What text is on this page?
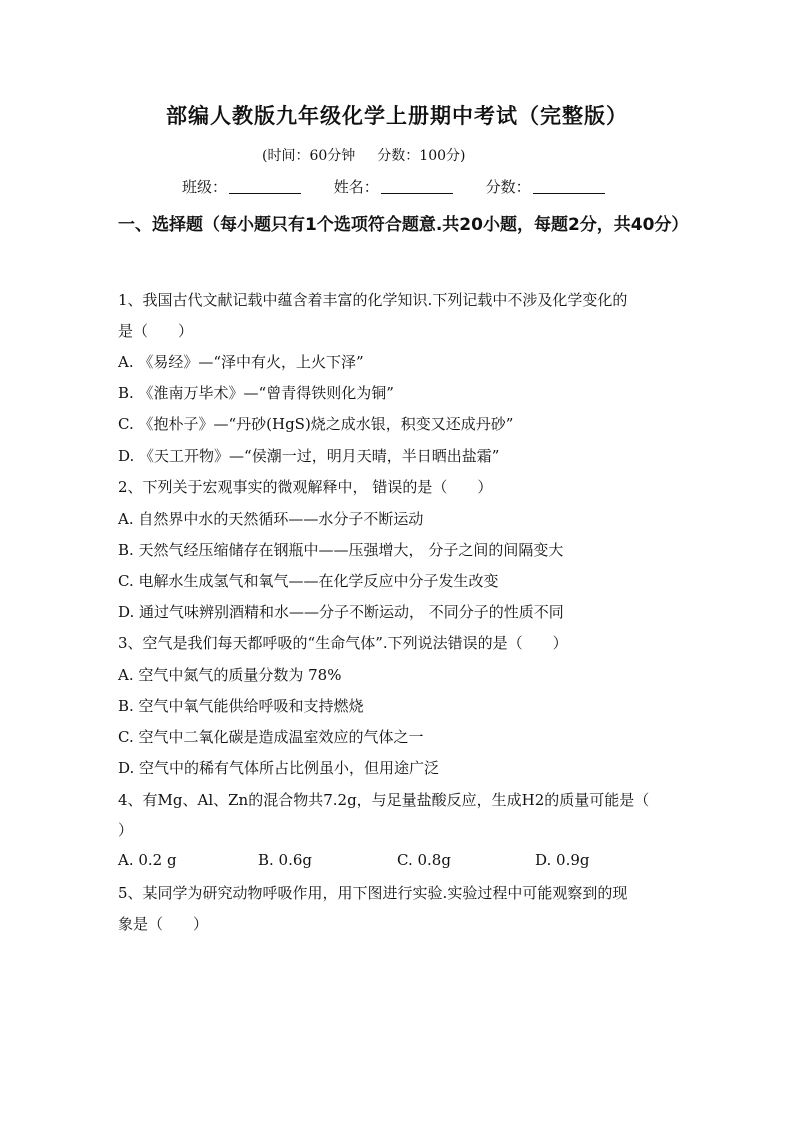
部编人教版九年级化学上册期中考试（完整版）
(时间：60分钟 分数：100分)
班级：	姓名：	分数：
一、选择题（每小题只有1个选项符合题意.共20小题，每题2分，共40分）
1、我国古代文献记载中蕴含着丰富的化学知识.下列记载中不涉及化学变化的
是（　　）
A. 《易经》—“泽中有火，上火下泽”
B. 《淮南万毕术》—“曾青得铁则化为铜”
C. 《抱朴子》—“丹砂(HgS)烧之成水银，积变又还成丹砂”
D. 《天工开物》—“侯潮一过，明月天晴，半日晒出盐霜”
2、下列关于宏观事实的微观解释中， 错误的是（　　）
A. 自然界中水的天然循环——水分子不断运动
B. 天然气经压缩储存在钢瓶中——压强增大， 分子之间的间隔变大
C. 电解水生成氢气和氧气——在化学反应中分子发生改变
D. 通过气味辨别酒精和水——分子不断运动， 不同分子的性质不同
3、空气是我们每天都呼吸的“生命气体”.下列说法错误的是（　　）
A. 空气中氮气的质量分数为 78%
B. 空气中氧气能供给呼吸和支持燃烧
C. 空气中二氧化碳是造成温室效应的气体之一
D. 空气中的稀有气体所占比例虽小，但用途广泛
4、有Mg、Al、Zn的混合物共7.2g，与足量盐酸反应，生成H2的质量可能是（
）
A. 0.2 g	B. 0.6g	C. 0.8g	D. 0.9g
5、某同学为研究动物呼吸作用，用下图进行实验.实验过程中可能观察到的现
象是（　　）
